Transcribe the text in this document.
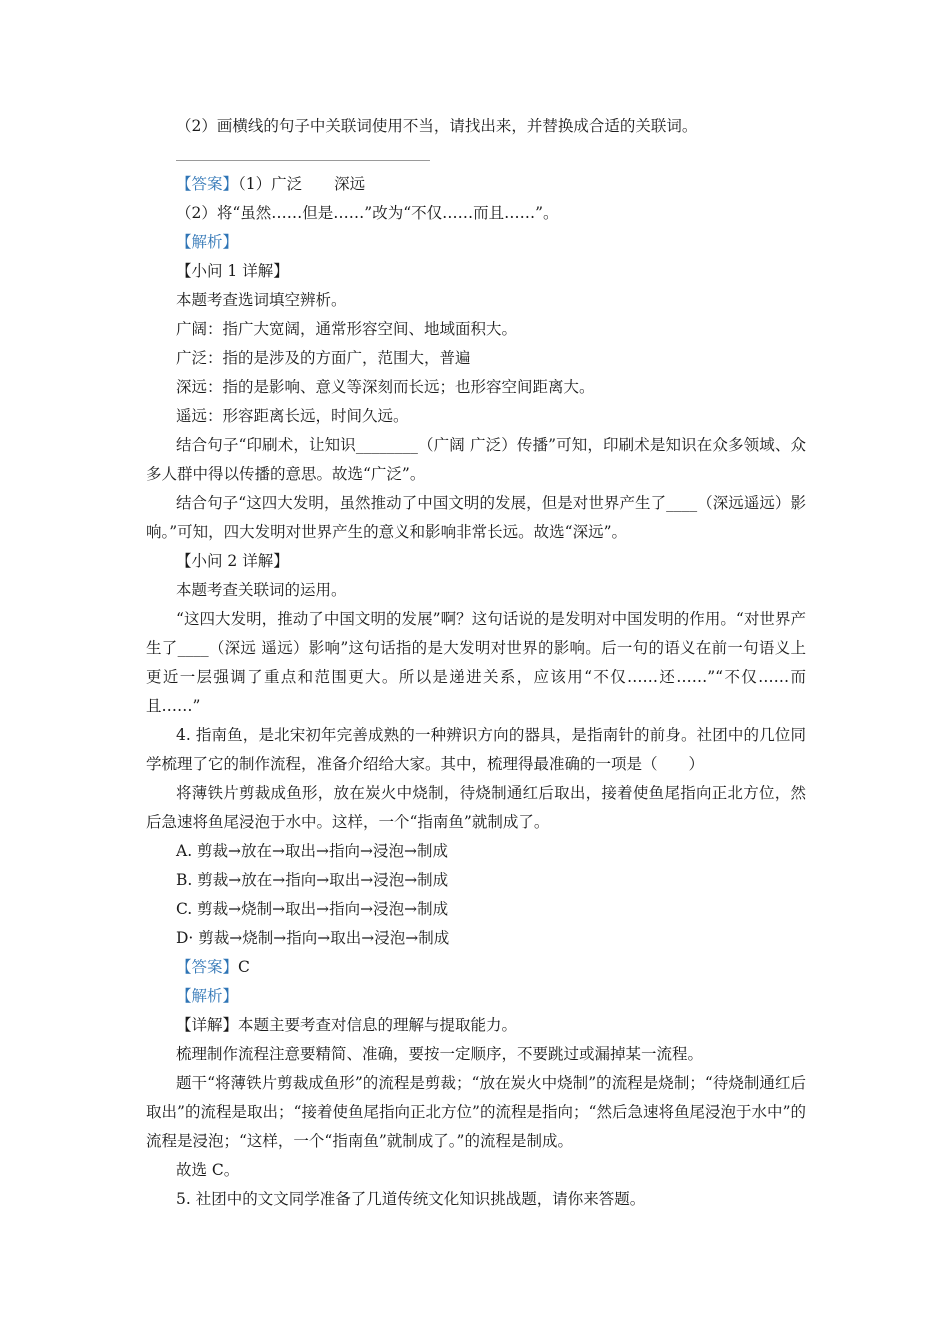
（2）画横线的句子中关联词使用不当，请找出来，并替换成合适的关联词。

【答案】（1）广泛 深远

（2）将“虽然……但是……”改为“不仅……而且……”。

【解析】

【小问 1 详解】

本题考查选词填空辨析。

广阔：指广大宽阔，通常形容空间、地域面积大。

广泛：指的是涉及的方面广，范围大，普遍

深远：指的是影响、意义等深刻而长远；也形容空间距离大。

遥远：形容距离长远，时间久远。

结合句子“印刷术，让知识________（广阔 广泛）传播”可知，印刷术是知识在众多领域、众多人群中得以传播的意思。故选“广泛”。

结合句子“这四大发明，虽然推动了中国文明的发展，但是对世界产生了____（深远遥远）影响。”可知，四大发明对世界产生的意义和影响非常长远。故选“深远”。

【小问 2 详解】

本题考查关联词的运用。

“这四大发明，推动了中国文明的发展”啊？这句话说的是发明对中国发明的作用。“对世界产生了____（深远 遥远）影响”这句话指的是大发明对世界的影响。后一句的语义在前一句语义上更近一层强调了重点和范围更大。所以是递进关系，应该用“不仅……还……”“不仅……而且……”

4. 指南鱼，是北宋初年完善成熟的一种辨识方向的器具，是指南针的前身。社团中的几位同学梳理了它的制作流程，准备介绍给大家。其中，梳理得最准确的一项是（　　）

将薄铁片剪裁成鱼形，放在炭火中烧制，待烧制通红后取出，接着使鱼尾指向正北方位，然后急速将鱼尾浸泡于水中。这样，一个“指南鱼”就制成了。

A. 剪裁→放在→取出→指向→浸泡→制成

B. 剪裁→放在→指向→取出→浸泡→制成

C. 剪裁→烧制→取出→指向→浸泡→制成

D· 剪裁→烧制→指向→取出→浸泡→制成

【答案】C

【解析】

【详解】本题主要考查对信息的理解与提取能力。

梳理制作流程注意要精简、准确，要按一定顺序，不要跳过或漏掉某一流程。

题干“将薄铁片剪裁成鱼形”的流程是剪裁；“放在炭火中烧制”的流程是烧制；“待烧制通红后取出”的流程是取出；“接着使鱼尾指向正北方位”的流程是指向；“然后急速将鱼尾浸泡于水中”的流程是浸泡；“这样，一个“指南鱼”就制成了。”的流程是制成。

故选 C。

5. 社团中的文文同学准备了几道传统文化知识挑战题，请你来答题。
